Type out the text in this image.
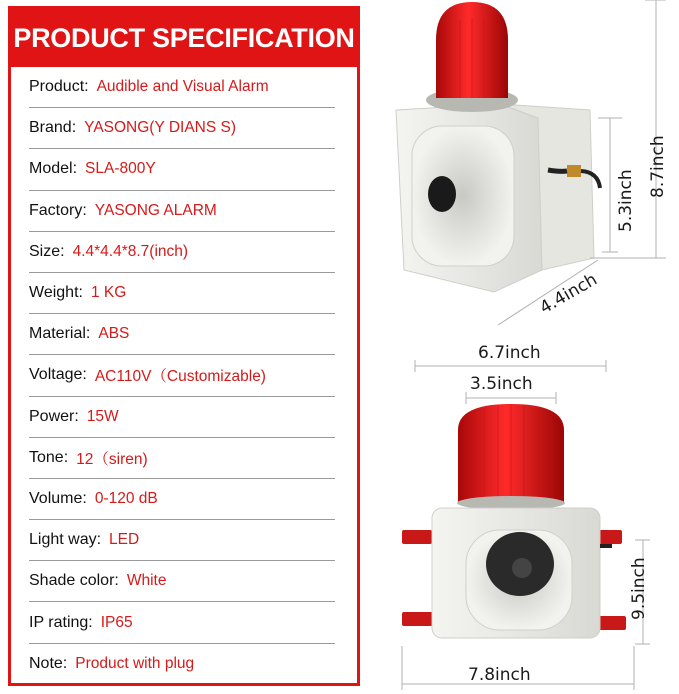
PRODUCT SPECIFICATION
Product: Audible and Visual Alarm
Brand: YASONG(Y DIANS S)
Model: SLA-800Y
Factory: YASONG ALARM
Size: 4.4*4.4*8.7(inch)
Weight: 1 KG
Material: ABS
Voltage: AC110V（Customizable)
Power: 15W
Tone: 12（siren)
Volume: 0-120 dB
Light way: LED
Shade color: White
IP rating: IP65
Note: Product with plug
5.3inch
8.7inch
4.4inch
6.7inch
3.5inch
9.5inch
7.8inch
